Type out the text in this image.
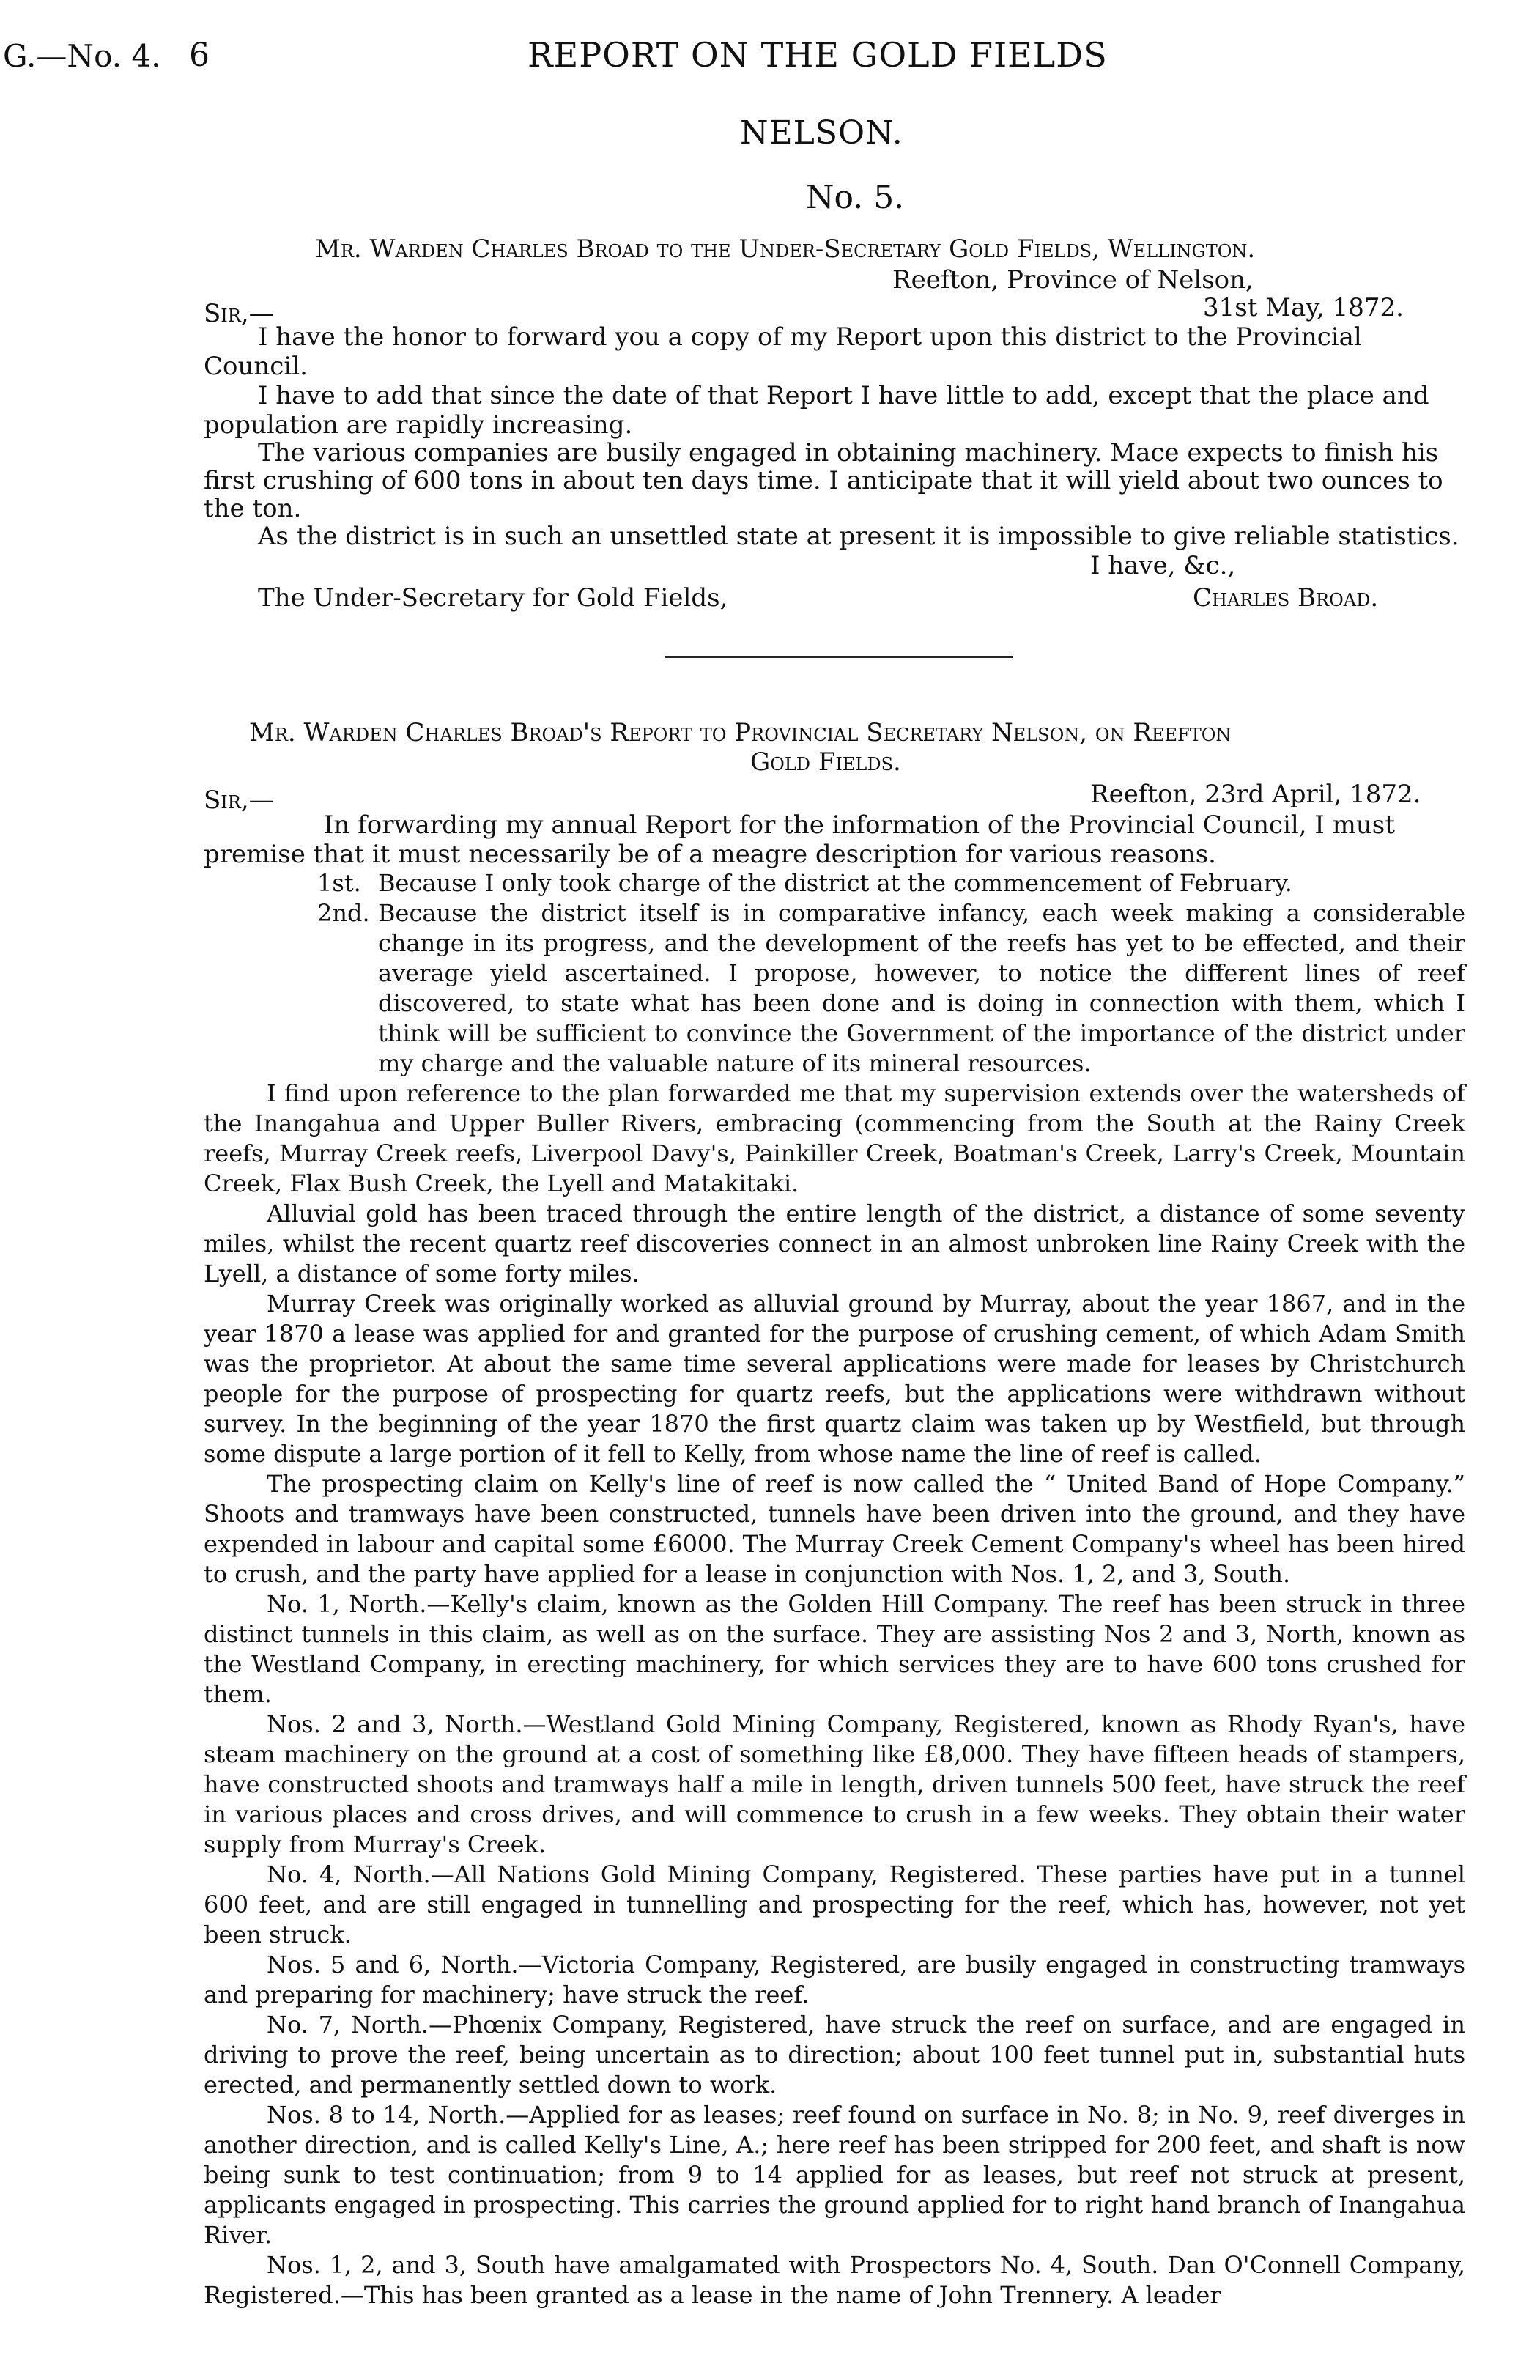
G.—No. 4. 6	REPORT ON THE GOLD FIELDS
NELSON.
No. 5.
Mr. Warden Charles Broad to the Under-Secretary Gold Fields, Wellington.
Reefton, Province of Nelson,
Sir,—	31st May, 1872.
I have the honor to forward you a copy of my Report upon this district to the Provincial
Council.
I have to add that since the date of that Report I have little to add, except that the place and
population are rapidly increasing.
The various companies are busily engaged in obtaining machinery. Mace expects to finish his
first crushing of 600 tons in about ten days time. I anticipate that it will yield about two ounces to
the ton.
As the district is in such an unsettled state at present it is impossible to give reliable statistics.
I have, &c.,
The Under-Secretary for Gold Fields,	Charles Broad.
Mr. Warden Charles Broad's Report to Provincial Secretary Nelson, on Reefton
Gold Fields.
Sir,—	Reefton, 23rd April, 1872.
In forwarding my annual Report for the information of the Provincial Council, I must
premise that it must necessarily be of a meagre description for various reasons.

1st. Because I only took charge of the district at the commencement of February.

2nd. Because the district itself is in comparative infancy, each week making a considerable change in its progress, and the development of the reefs has yet to be effected, and their average yield ascertained. I propose, however, to notice the different lines of reef discovered, to state what has been done and is doing in connection with them, which I think will be sufficient to convince the Government of the importance of the district under my charge and the valuable nature of its mineral resources.

I find upon reference to the plan forwarded me that my supervision extends over the watersheds of the Inangahua and Upper Buller Rivers, embracing (commencing from the South at the Rainy Creek reefs, Murray Creek reefs, Liverpool Davy's, Painkiller Creek, Boatman's Creek, Larry's Creek, Mountain Creek, Flax Bush Creek, the Lyell and Matakitaki.

Alluvial gold has been traced through the entire length of the district, a distance of some seventy miles, whilst the recent quartz reef discoveries connect in an almost unbroken line Rainy Creek with the Lyell, a distance of some forty miles.

Murray Creek was originally worked as alluvial ground by Murray, about the year 1867, and in the year 1870 a lease was applied for and granted for the purpose of crushing cement, of which Adam Smith was the proprietor. At about the same time several applications were made for leases by Christchurch people for the purpose of prospecting for quartz reefs, but the applications were withdrawn without survey. In the beginning of the year 1870 the first quartz claim was taken up by Westfield, but through some dispute a large portion of it fell to Kelly, from whose name the line of reef is called.

The prospecting claim on Kelly's line of reef is now called the “ United Band of Hope Company.” Shoots and tramways have been constructed, tunnels have been driven into the ground, and they have expended in labour and capital some £6000. The Murray Creek Cement Company's wheel has been hired to crush, and the party have applied for a lease in conjunction with Nos. 1, 2, and 3, South.

No. 1, North.—Kelly's claim, known as the Golden Hill Company. The reef has been struck in three distinct tunnels in this claim, as well as on the surface. They are assisting Nos 2 and 3, North, known as the Westland Company, in erecting machinery, for which services they are to have 600 tons crushed for them.

Nos. 2 and 3, North.—Westland Gold Mining Company, Registered, known as Rhody Ryan's, have steam machinery on the ground at a cost of something like £8,000. They have fifteen heads of stampers, have constructed shoots and tramways half a mile in length, driven tunnels 500 feet, have struck the reef in various places and cross drives, and will commence to crush in a few weeks. They obtain their water supply from Murray's Creek.

No. 4, North.—All Nations Gold Mining Company, Registered. These parties have put in a tunnel 600 feet, and are still engaged in tunnelling and prospecting for the reef, which has, however, not yet been struck.

Nos. 5 and 6, North.—Victoria Company, Registered, are busily engaged in constructing tramways and preparing for machinery; have struck the reef.

No. 7, North.—Phœnix Company, Registered, have struck the reef on surface, and are engaged in driving to prove the reef, being uncertain as to direction; about 100 feet tunnel put in, substantial huts erected, and permanently settled down to work.

Nos. 8 to 14, North.—Applied for as leases; reef found on surface in No. 8; in No. 9, reef diverges in another direction, and is called Kelly's Line, A.; here reef has been stripped for 200 feet, and shaft is now being sunk to test continuation; from 9 to 14 applied for as leases, but reef not struck at present, applicants engaged in prospecting. This carries the ground applied for to right hand branch of Inangahua River.

Nos. 1, 2, and 3, South have amalgamated with Prospectors No. 4, South. Dan O'Connell Company, Registered.—This has been granted as a lease in the name of John Trennery. A leader
